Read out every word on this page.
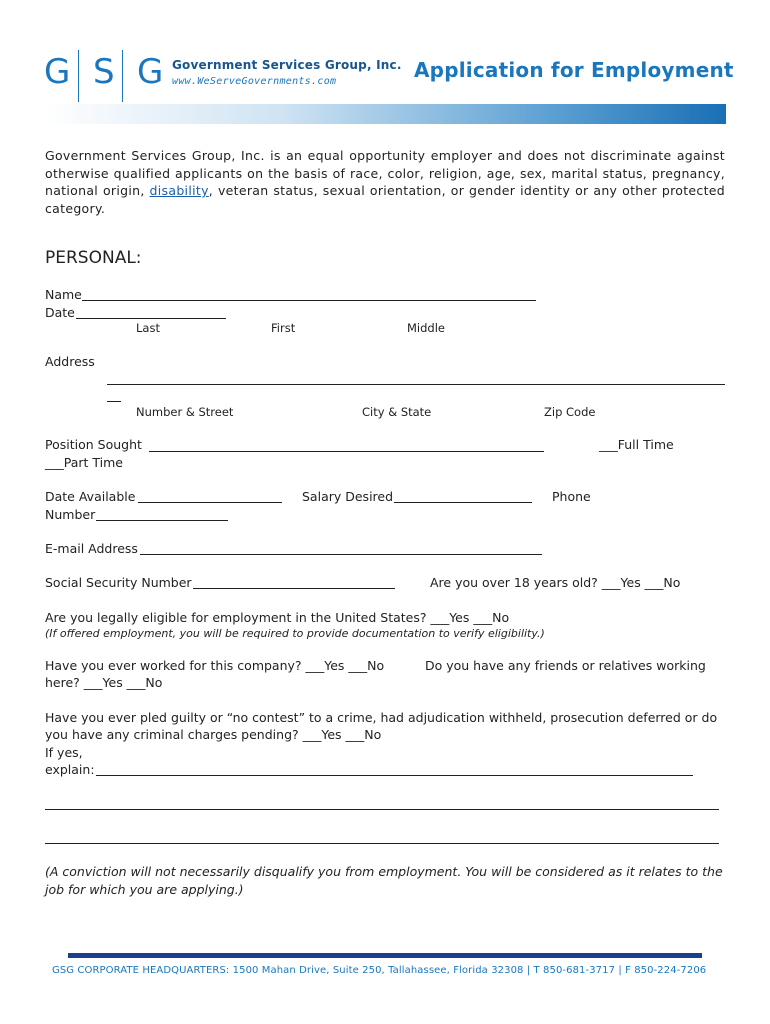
G S G Government Services Group, Inc.
www.WeServeGovernments.com	Application for Employment
Government Services Group, Inc. is an equal opportunity employer and does not discriminate against otherwise qualified applicants on the basis of race, color, religion, age, sex, marital status, pregnancy, national origin, disability, veteran status, sexual orientation, or gender identity or any other protected category.
PERSONAL:
Name
Date
Last	First	Middle
Address
Number & Street	City & State	Zip Code
Position Sought	___Full Time
___Part Time
Date Available	Salary Desired	Phone
Number
E-mail Address
Social Security Number	Are you over 18 years old? ___Yes ___No
Are you legally eligible for employment in the United States? ___Yes ___No
(If offered employment, you will be required to provide documentation to verify eligibility.)
Have you ever worked for this company? ___Yes ___No	Do you have any friends or relatives working
here? ___Yes ___No
Have you ever pled guilty or “no contest” to a crime, had adjudication withheld, prosecution deferred or do
you have any criminal charges pending? ___Yes ___No
If yes,
explain:
(A conviction will not necessarily disqualify you from employment. You will be considered as it relates to the job for which you are applying.)
GSG CORPORATE HEADQUARTERS: 1500 Mahan Drive, Suite 250, Tallahassee, Florida 32308 | T 850-681-3717 | F 850-224-7206
